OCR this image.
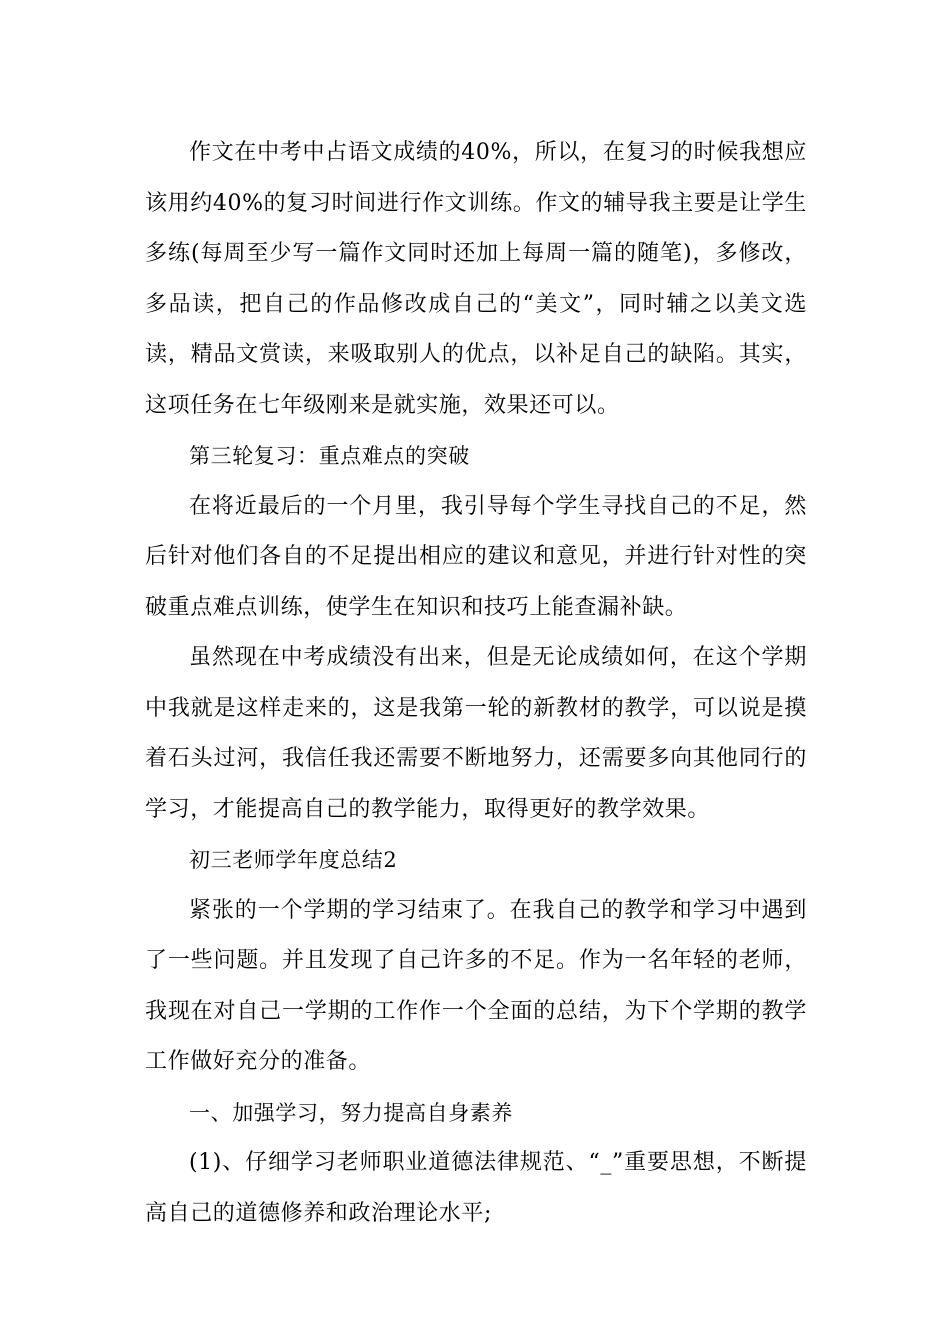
作文在中考中占语文成绩的40%，所以，在复习的时候我想应该用约40%的复习时间进行作文训练。作文的辅导我主要是让学生多练(每周至少写一篇作文同时还加上每周一篇的随笔)，多修改，多品读，把自己的作品修改成自己的“美文”，同时辅之以美文选读，精品文赏读，来吸取别人的优点，以补足自己的缺陷。其实，这项任务在七年级刚来是就实施，效果还可以。

第三轮复习：重点难点的突破

在将近最后的一个月里，我引导每个学生寻找自己的不足，然后针对他们各自的不足提出相应的建议和意见，并进行针对性的突破重点难点训练，使学生在知识和技巧上能查漏补缺。

虽然现在中考成绩没有出来，但是无论成绩如何，在这个学期中我就是这样走来的，这是我第一轮的新教材的教学，可以说是摸着石头过河，我信任我还需要不断地努力，还需要多向其他同行的学习，才能提高自己的教学能力，取得更好的教学效果。

初三老师学年度总结2

紧张的一个学期的学习结束了。在我自己的教学和学习中遇到了一些问题。并且发现了自己许多的不足。作为一名年轻的老师，我现在对自己一学期的工作作一个全面的总结，为下个学期的教学工作做好充分的准备。

一、加强学习，努力提高自身素养

(1)、仔细学习老师职业道德法律规范、“_”重要思想，不断提高自己的道德修养和政治理论水平;
